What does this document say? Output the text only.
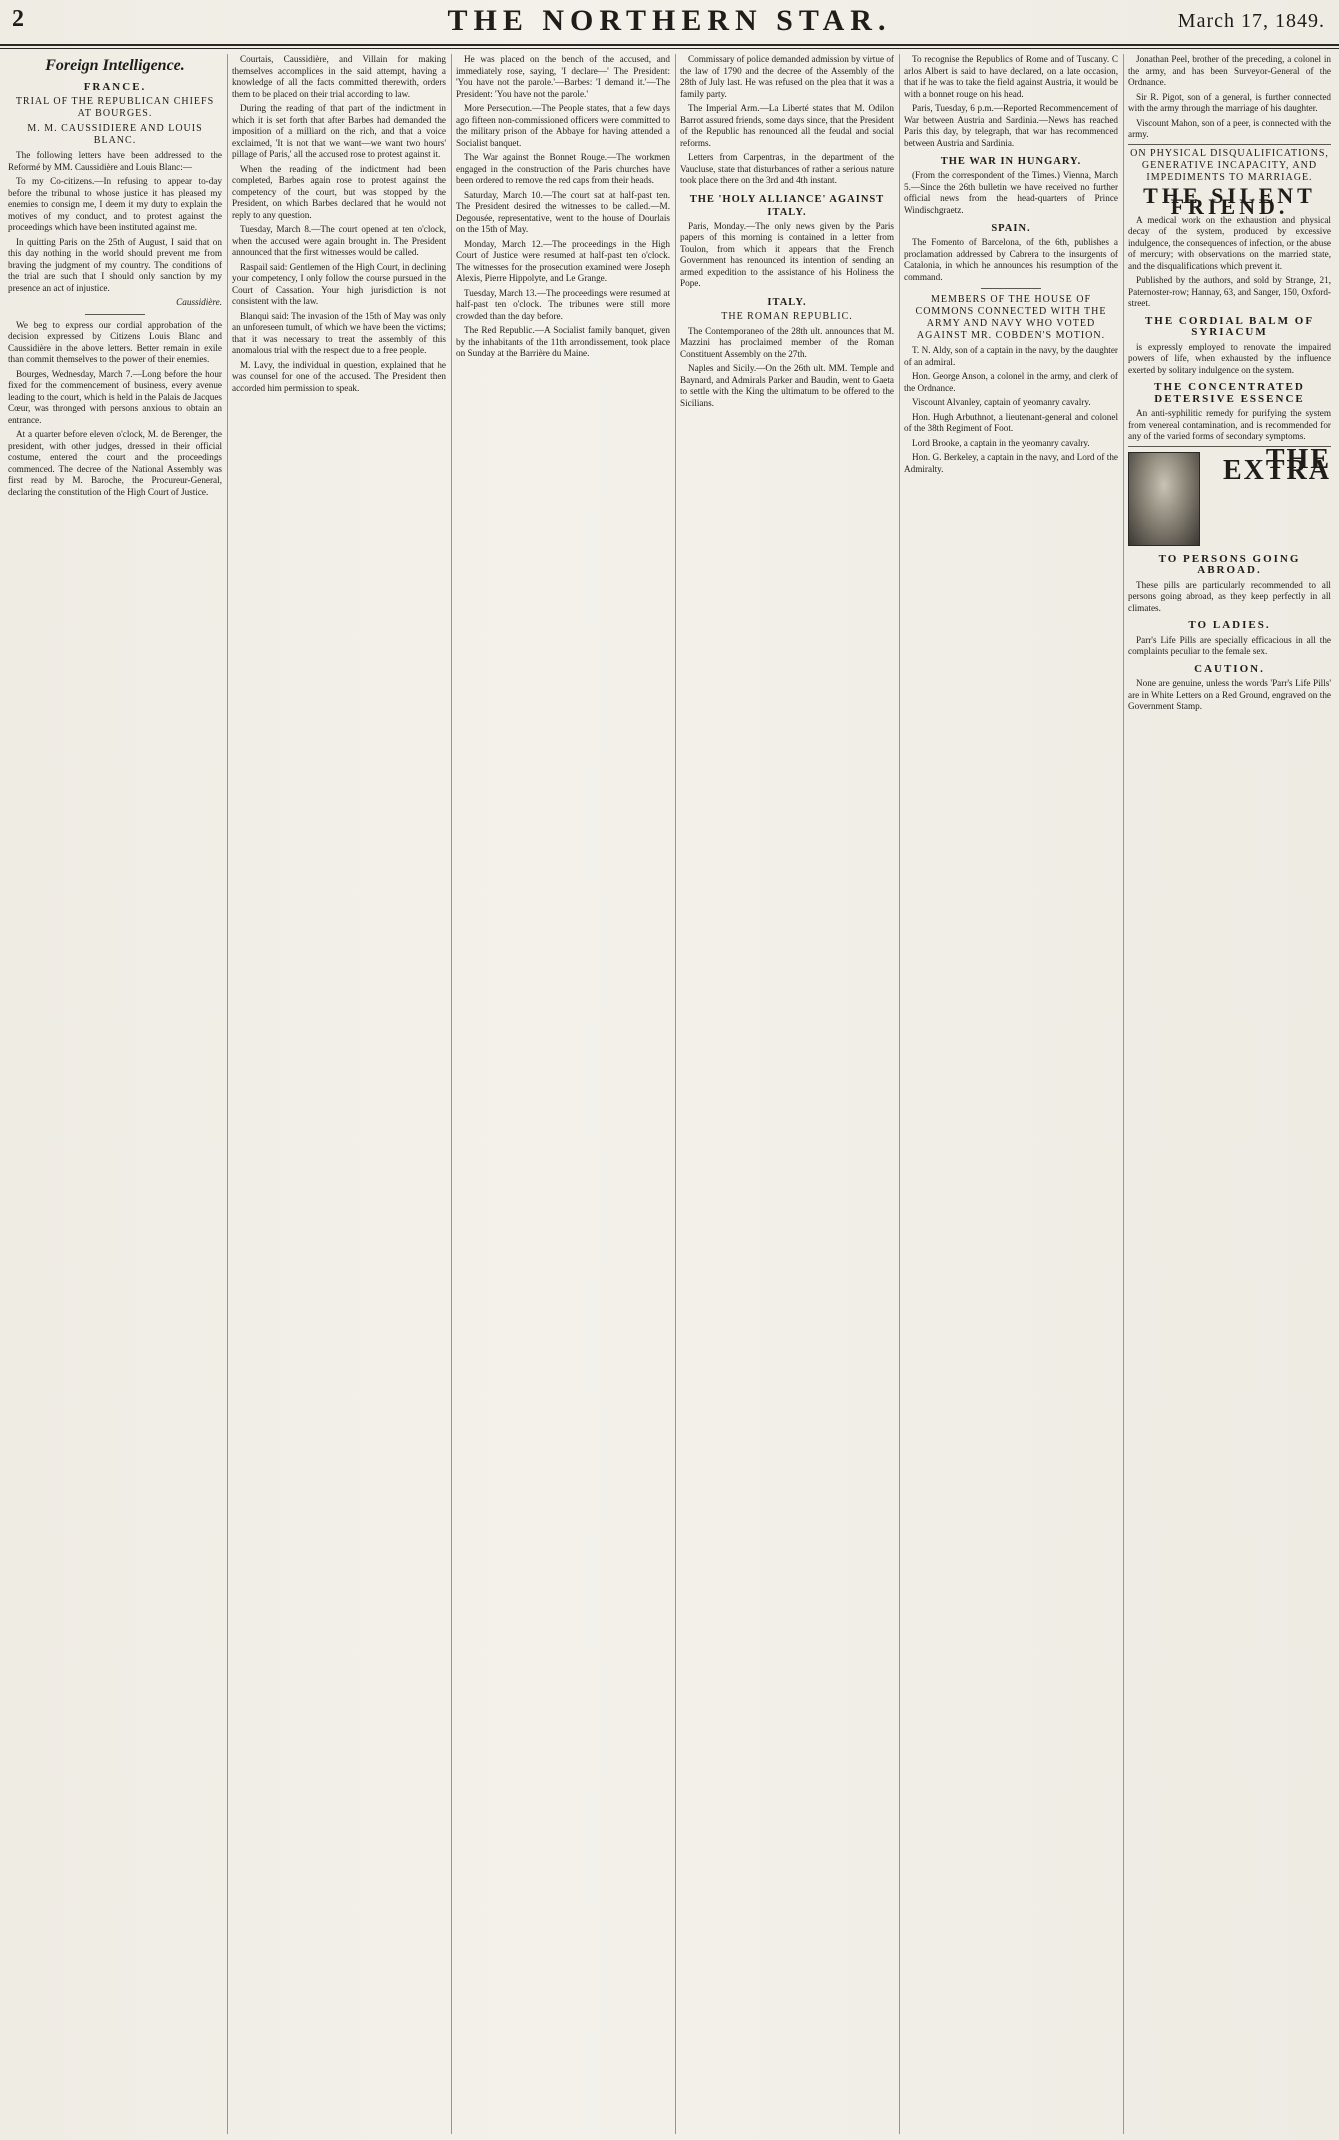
2	THE NORTHERN STAR.	March 17, 1849.
Foreign Intelligence.
FRANCE.
TRIAL OF THE REPUBLICAN CHIEFS AT BOURGES.
M. M. CAUSSIDIERE AND LOUIS BLANC.

The following letters have been addressed to the Reformé by MM. Caussidière and Louis Blanc:—

To my Co-citizens.—In refusing to appear to-day before the tribunal to whose justice it has pleased my enemies to consign me, I deem it my duty to explain the motives of my conduct, and to protest against the proceedings which have been instituted against me.

In quitting Paris on the 25th of August, I said that on this day nothing in the world should prevent me from braving the judgment of my country. The conditions of the trial are such that I should only sanction by my presence an act of injustice.

Caussidière.

We beg to express our cordial approbation of the decision expressed by Citizens Louis Blanc and Caussidière in the above letters. Better remain in exile than commit themselves to the power of their enemies.

Bourges, Wednesday, March 7.—Long before the hour fixed for the commencement of business, every avenue leading to the court, which is held in the Palais de Jacques Cœur, was thronged with persons anxious to obtain an entrance.

At a quarter before eleven o'clock, M. de Berenger, the president, with other judges, dressed in their official costume, entered the court and the proceedings commenced. The decree of the National Assembly was first read by M. Baroche, the Procureur-General, declaring the constitution of the High Court of Justice.

Courtais, Caussidière, and Villain for making themselves accomplices in the said attempt, having a knowledge of all the facts committed therewith, orders them to be placed on their trial according to law.

During the reading of that part of the indictment in which it is set forth that after Barbes had demanded the imposition of a milliard on the rich, and that a voice exclaimed, 'It is not that we want—we want two hours' pillage of Paris,' all the accused rose to protest against it.

When the reading of the indictment had been completed, Barbes again rose to protest against the competency of the court, but was stopped by the President, on which Barbes declared that he would not reply to any question.

Tuesday, March 8.—The court opened at ten o'clock, when the accused were again brought in. The President announced that the first witnesses would be called.

Raspail said: Gentlemen of the High Court, in declining your competency, I only follow the course pursued in the Court of Cassation. Your high jurisdiction is not consistent with the law.

Blanqui said: The invasion of the 15th of May was only an unforeseen tumult, of which we have been the victims; that it was necessary to treat the assembly of this anomalous trial with the respect due to a free people.

M. Lavy, the individual in question, explained that he was counsel for one of the accused. The President then accorded him permission to speak.

He was placed on the bench of the accused, and immediately rose, saying, 'I declare—' The President: 'You have not the parole.'—Barbes: 'I demand it.'—The President: 'You have not the parole.'

More Persecution.—The People states, that a few days ago fifteen non-commissioned officers were committed to the military prison of the Abbaye for having attended a Socialist banquet.

The War against the Bonnet Rouge.—The workmen engaged in the construction of the Paris churches have been ordered to remove the red caps from their heads.

Saturday, March 10.—The court sat at half-past ten. The President desired the witnesses to be called.—M. Degousée, representative, went to the house of Dourlais on the 15th of May.

Monday, March 12.—The proceedings in the High Court of Justice were resumed at half-past ten o'clock. The witnesses for the prosecution examined were Joseph Alexis, Pierre Hippolyte, and Le Grange.

Tuesday, March 13.—The proceedings were resumed at half-past ten o'clock. The tribunes were still more crowded than the day before.

The Red Republic.—A Socialist family banquet, given by the inhabitants of the 11th arrondissement, took place on Sunday at the Barrière du Maine.

Commissary of police demanded admission by virtue of the law of 1790 and the decree of the Assembly of the 28th of July last. He was refused on the plea that it was a family party.

The Imperial Arm.—La Liberté states that M. Odilon Barrot assured friends, some days since, that the President of the Republic has renounced all the feudal and social reforms.

Letters from Carpentras, in the department of the Vaucluse, state that disturbances of rather a serious nature took place there on the 3rd and 4th instant.

THE 'HOLY ALLIANCE' AGAINST ITALY.

Paris, Monday.—The only news given by the Paris papers of this morning is contained in a letter from Toulon, from which it appears that the French Government has renounced its intention of sending an armed expedition to the assistance of his Holiness the Pope.

ITALY.
THE ROMAN REPUBLIC.

The Contemporaneo of the 28th ult. announces that M. Mazzini has proclaimed member of the Roman Constituent Assembly on the 27th.

Naples and Sicily.—On the 26th ult. MM. Temple and Baynard, and Admirals Parker and Baudin, went to Gaeta to settle with the King the ultimatum to be offered to the Sicilians.

To recognise the Republics of Rome and of Tuscany. C arlos Albert is said to have declared, on a late occasion, that if he was to take the field against Austria, it would be with a bonnet rouge on his head.

Paris, Tuesday, 6 p.m.—Reported Recommencement of War between Austria and Sardinia.—News has reached Paris this day, by telegraph, that war has recommenced between Austria and Sardinia.

THE WAR IN HUNGARY.

(From the correspondent of the Times.) Vienna, March 5.—Since the 26th bulletin we have received no further official news from the head-quarters of Prince Windischgraetz.

SPAIN.

The Fomento of Barcelona, of the 6th, publishes a proclamation addressed by Cabrera to the insurgents of Catalonia, in which he announces his resumption of the command.

MEMBERS OF THE HOUSE OF COMMONS CONNECTED WITH THE ARMY AND NAVY WHO VOTED AGAINST MR. COBDEN'S MOTION.

T. N. Aldy, son of a captain in the navy, by the daughter of an admiral.

Hon. George Anson, a colonel in the army, and clerk of the Ordnance.

Viscount Alvanley, captain of yeomanry cavalry.

Hon. Hugh Arbuthnot, a lieutenant-general and colonel of the 38th Regiment of Foot.

Lord Brooke, a captain in the yeomanry cavalry.

Hon. G. Berkeley, a captain in the navy, and Lord of the Admiralty.

Jonathan Peel, brother of the preceding, a colonel in the army, and has been Surveyor-General of the Ordnance.

Sir R. Pigot, son of a general, is further connected with the army through the marriage of his daughter.

Viscount Mahon, son of a peer, is connected with the army.

ON PHYSICAL DISQUALIFICATIONS, GENERATIVE INCAPACITY, AND IMPEDIMENTS TO MARRIAGE.
THE SILENT FRIEND.

A medical work on the exhaustion and physical decay of the system, produced by excessive indulgence, the consequences of infection, or the abuse of mercury; with observations on the married state, and the disqualifications which prevent it.

Published by the authors, and sold by Strange, 21, Paternoster-row; Hannay, 63, and Sanger, 150, Oxford-street.

THE CORDIAL BALM OF SYRIACUM

is expressly employed to renovate the impaired powers of life, when exhausted by the influence exerted by solitary indulgence on the system.

THE CONCENTRATED DETERSIVE ESSENCE

An anti-syphilitic remedy for purifying the system from venereal contamination, and is recommended for any of the varied forms of secondary symptoms.

THE EXTRA
TO PERSONS GOING ABROAD.

These pills are particularly recommended to all persons going abroad, as they keep perfectly in all climates.

TO LADIES.

Parr's Life Pills are specially efficacious in all the complaints peculiar to the female sex.

CAUTION.

None are genuine, unless the words 'Parr's Life Pills' are in White Letters on a Red Ground, engraved on the Government Stamp.
